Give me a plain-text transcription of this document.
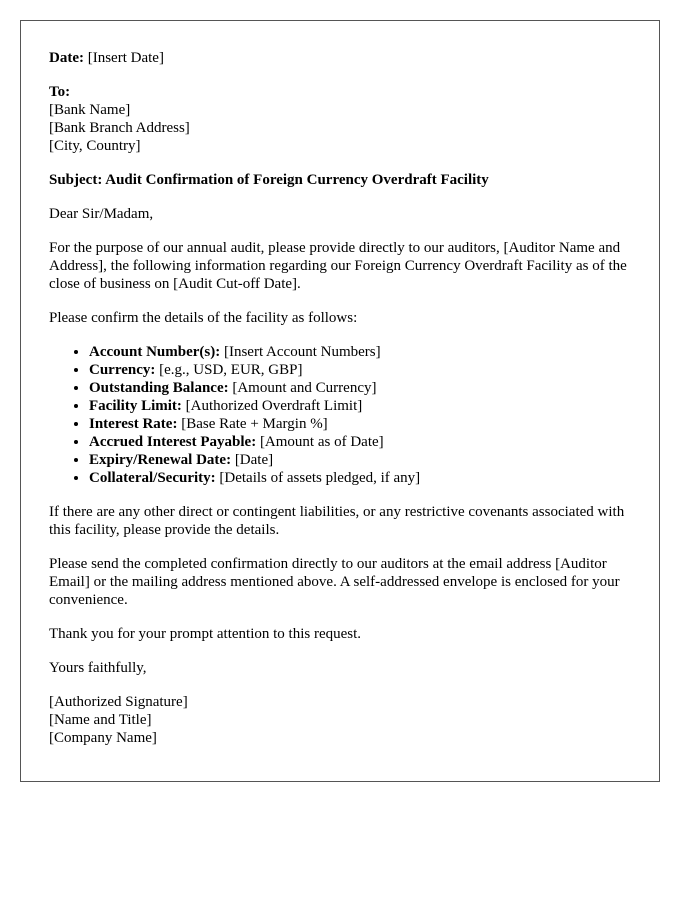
Date: [Insert Date]

To:
[Bank Name]
[Bank Branch Address]
[City, Country]

Subject: Audit Confirmation of Foreign Currency Overdraft Facility

Dear Sir/Madam,

For the purpose of our annual audit, please provide directly to our auditors, [Auditor Name and Address], the following information regarding our Foreign Currency Overdraft Facility as of the close of business on [Audit Cut-off Date].

Please confirm the details of the facility as follows:

• Account Number(s): [Insert Account Numbers]
• Currency: [e.g., USD, EUR, GBP]
• Outstanding Balance: [Amount and Currency]
• Facility Limit: [Authorized Overdraft Limit]
• Interest Rate: [Base Rate + Margin %]
• Accrued Interest Payable: [Amount as of Date]
• Expiry/Renewal Date: [Date]
• Collateral/Security: [Details of assets pledged, if any]

If there are any other direct or contingent liabilities, or any restrictive covenants associated with this facility, please provide the details.

Please send the completed confirmation directly to our auditors at the email address [Auditor Email] or the mailing address mentioned above. A self-addressed envelope is enclosed for your convenience.

Thank you for your prompt attention to this request.

Yours faithfully,

[Authorized Signature]
[Name and Title]
[Company Name]
